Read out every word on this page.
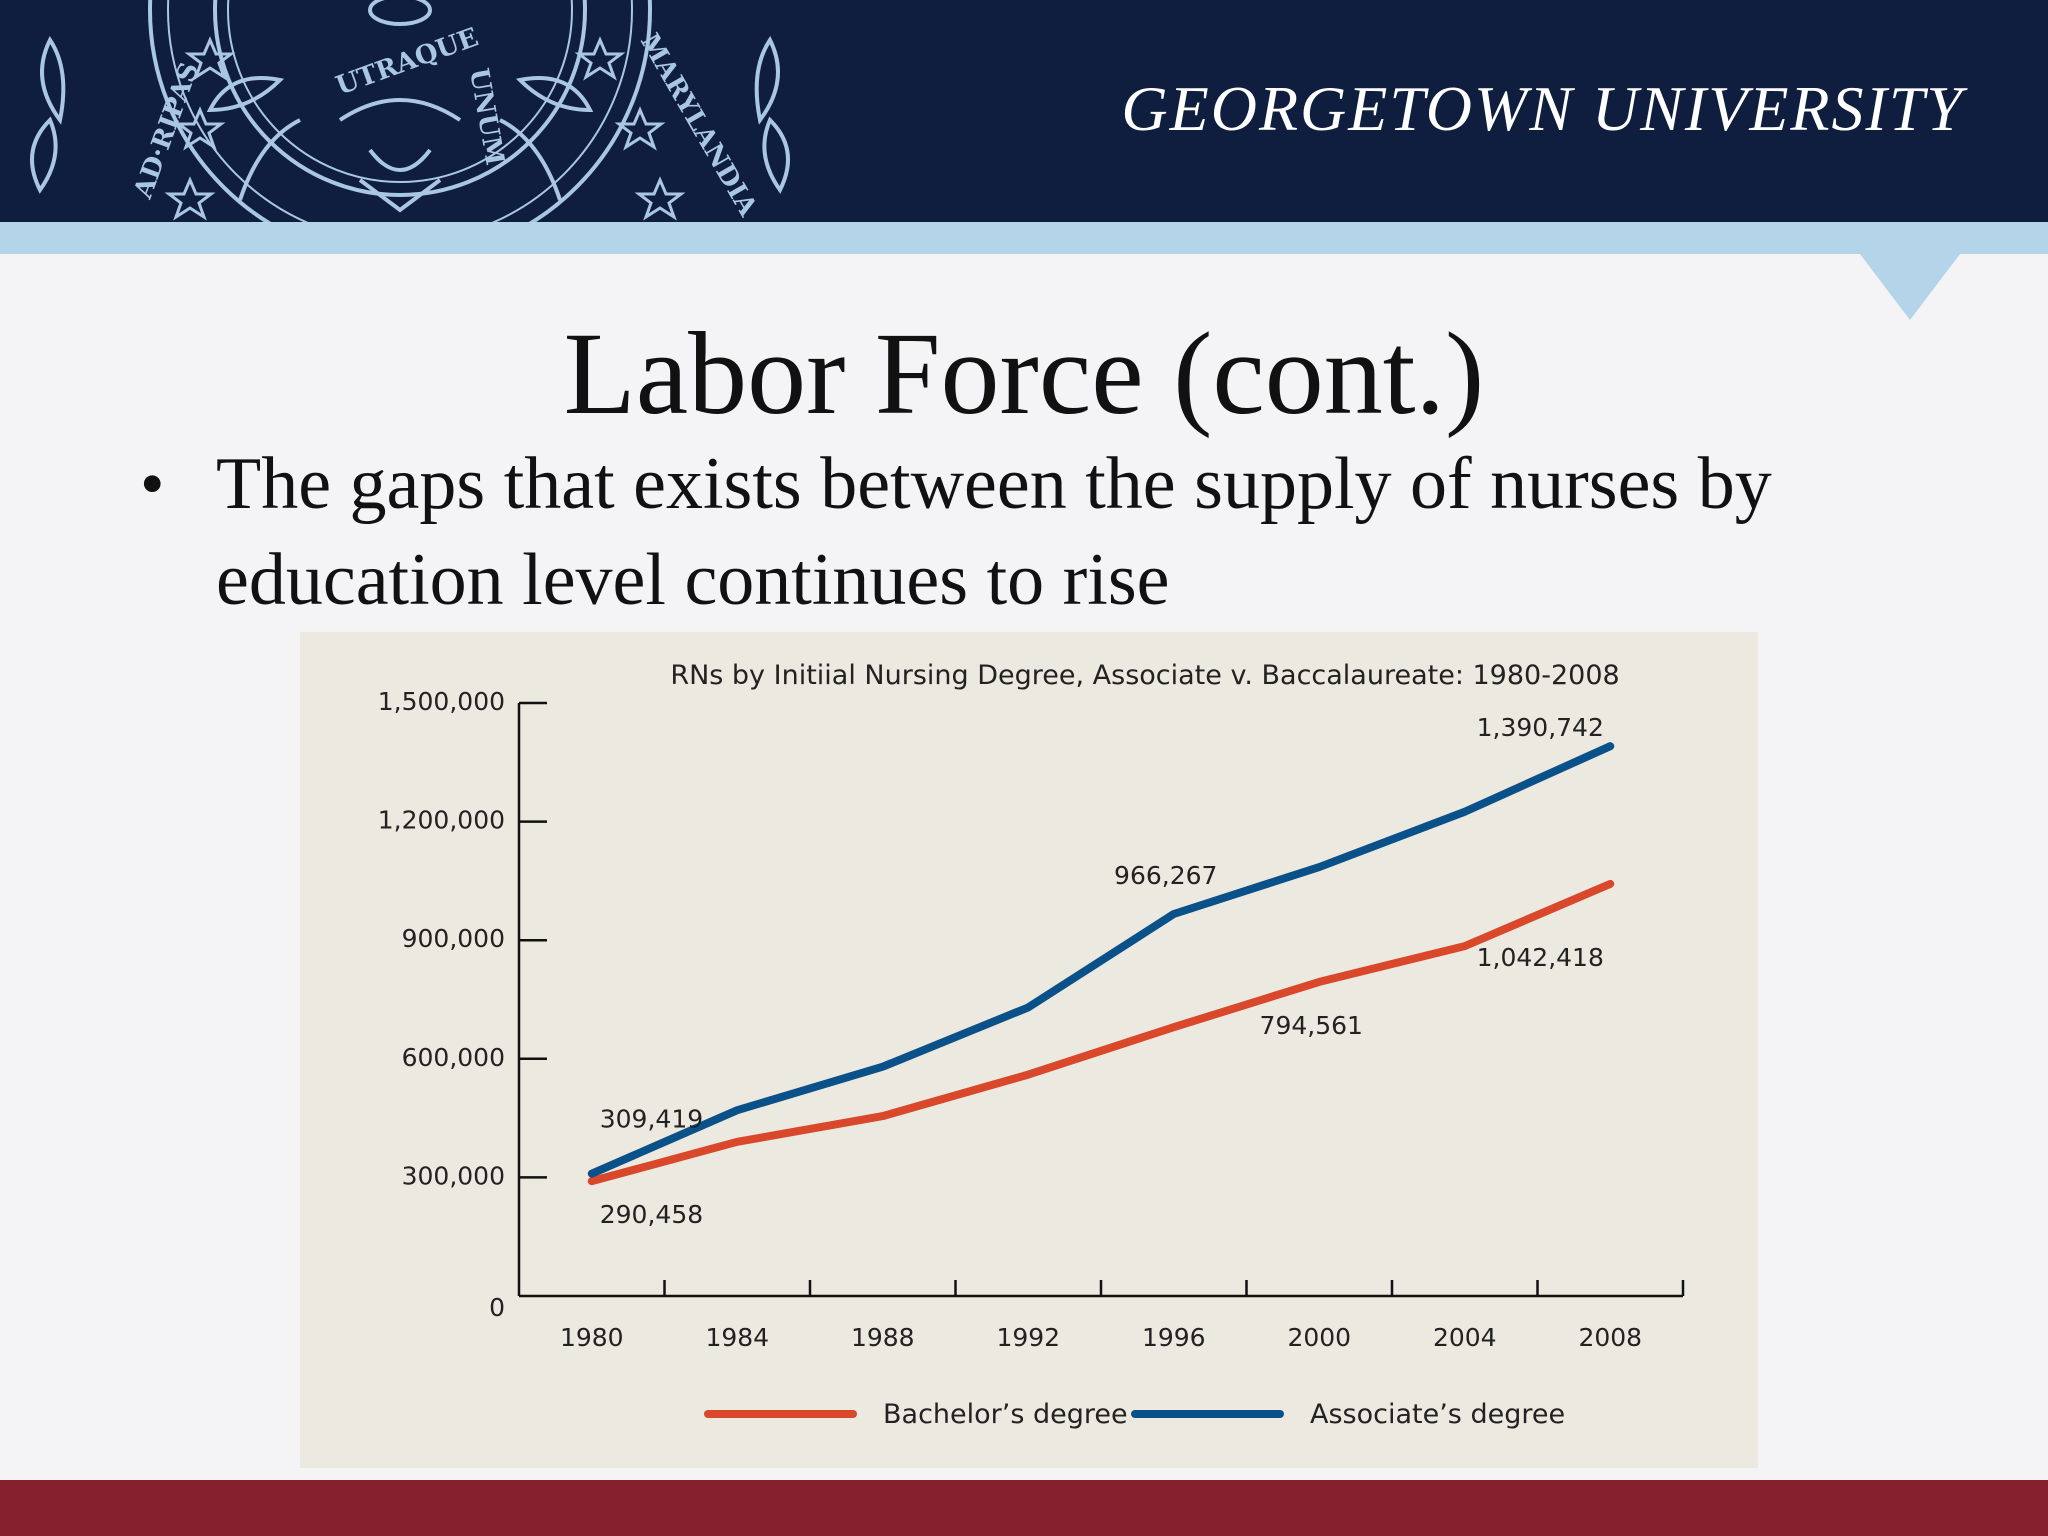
AD·RIPAS	MARYLANDIA
UTRAQUE
UNUM	GEORGETOWN UNIVERSITY
Labor Force (cont.)
• The gaps that exists between the supply of nurses by education level continues to rise
RNs by Initiial Nursing Degree, Associate v. Baccalaureate: 1980-2008
0
300,000
600,000
900,000
1,200,000
1,500,000
1980	1984	1988	1992	1996	2000	2004	2008
309,419
290,458
966,267
794,561
1,390,742
1,042,418
Bachelor’s degree	Associate’s degree
